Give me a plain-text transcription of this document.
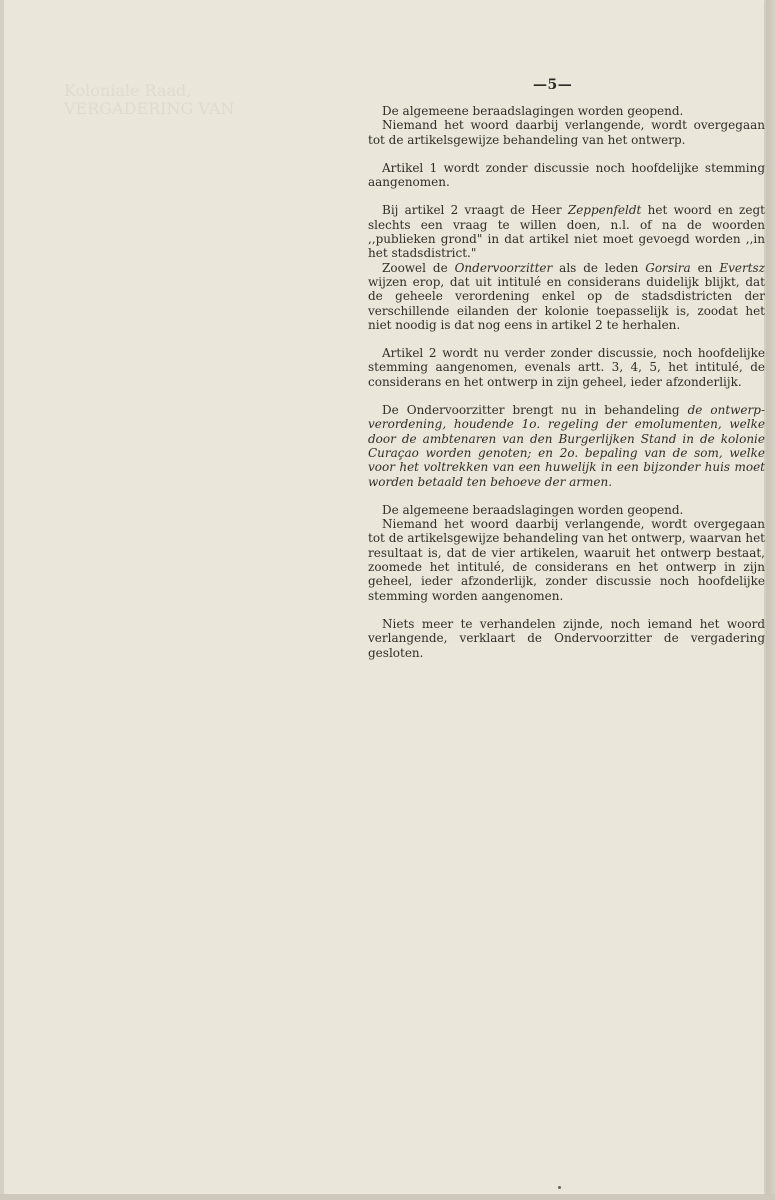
Koloniale Raad,
VERGADERING VAN
—5—

De algemeene beraadslagingen worden geopend.

Niemand het woord daarbij verlangende, wordt overgegaan tot de artikelsgewijze behandeling van het ontwerp.

Artikel 1 wordt zonder discussie noch hoofdelijke stemming aangenomen.

Bij artikel 2 vraagt de Heer Zeppenfeldt het woord en zegt slechts een vraag te willen doen, n.l. of na de woorden ,,publieken grond" in dat artikel niet moet gevoegd worden ,,in het stadsdistrict."

Zoowel de Ondervoorzitter als de leden Gorsira en Evertsz wijzen erop, dat uit intitulé en considerans duidelijk blijkt, dat de geheele verordening enkel op de stadsdistricten der verschillende eilanden der kolonie toepasselijk is, zoodat het niet noodig is dat nog eens in artikel 2 te herhalen.

Artikel 2 wordt nu verder zonder discussie, noch hoofdelijke stemming aangenomen, evenals artt. 3, 4, 5, het intitulé, de considerans en het ontwerp in zijn geheel, ieder afzonderlijk.

De Ondervoorzitter brengt nu in behandeling de ontwerp-verordening, houdende 1o. regeling der emolumenten, welke door de ambtenaren van den Burgerlijken Stand in de kolonie Curaçao worden genoten; en 2o. bepaling van de som, welke voor het voltrekken van een huwelijk in een bijzonder huis moet worden betaald ten behoeve der armen.

De algemeene beraadslagingen worden geopend.

Niemand het woord daarbij verlangende, wordt overgegaan tot de artikelsgewijze behandeling van het ontwerp, waarvan het resultaat is, dat de vier artikelen, waaruit het ontwerp bestaat, zoomede het intitulé, de considerans en het ontwerp in zijn geheel, ieder afzonderlijk, zonder discussie noch hoofdelijke stemming worden aangenomen.

Niets meer te verhandelen zijnde, noch iemand het woord verlangende, verklaart de Ondervoorzitter de vergadering gesloten.
